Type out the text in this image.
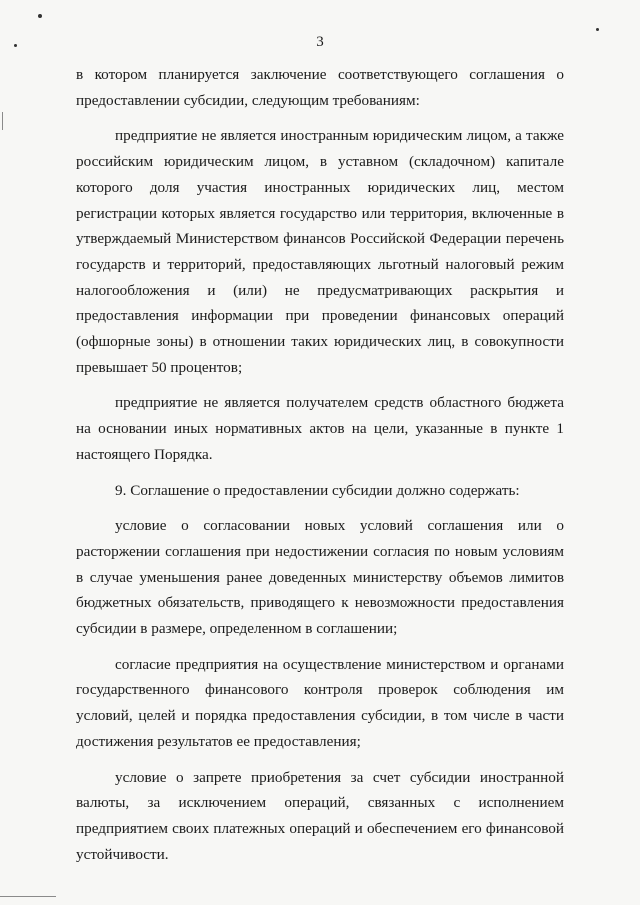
3

в котором планируется заключение соответствующего соглашения о предоставлении субсидии, следующим требованиям:

предприятие не является иностранным юридическим лицом, а также российским юридическим лицом, в уставном (складочном) капитале которого доля участия иностранных юридических лиц, местом регистрации которых является государство или территория, включенные в утверждаемый Министерством финансов Российской Федерации перечень государств и территорий, предоставляющих льготный налоговый режим налогообложения и (или) не предусматривающих раскрытия и предоставления информации при проведении финансовых операций (офшорные зоны) в отношении таких юридических лиц, в совокупности превышает 50 процентов;

предприятие не является получателем средств областного бюджета на основании иных нормативных актов на цели, указанные в пункте 1 настоящего Порядка.

9. Соглашение о предоставлении субсидии должно содержать:

условие о согласовании новых условий соглашения или о расторжении соглашения при недостижении согласия по новым условиям в случае уменьшения ранее доведенных министерству объемов лимитов бюджетных обязательств, приводящего к невозможности предоставления субсидии в размере, определенном в соглашении;

согласие предприятия на осуществление министерством и органами государственного финансового контроля проверок соблюдения им условий, целей и порядка предоставления субсидии, в том числе в части достижения результатов ее предоставления;

условие о запрете приобретения за счет субсидии иностранной валюты, за исключением операций, связанных с исполнением предприятием своих платежных операций и обеспечением его финансовой устойчивости.
